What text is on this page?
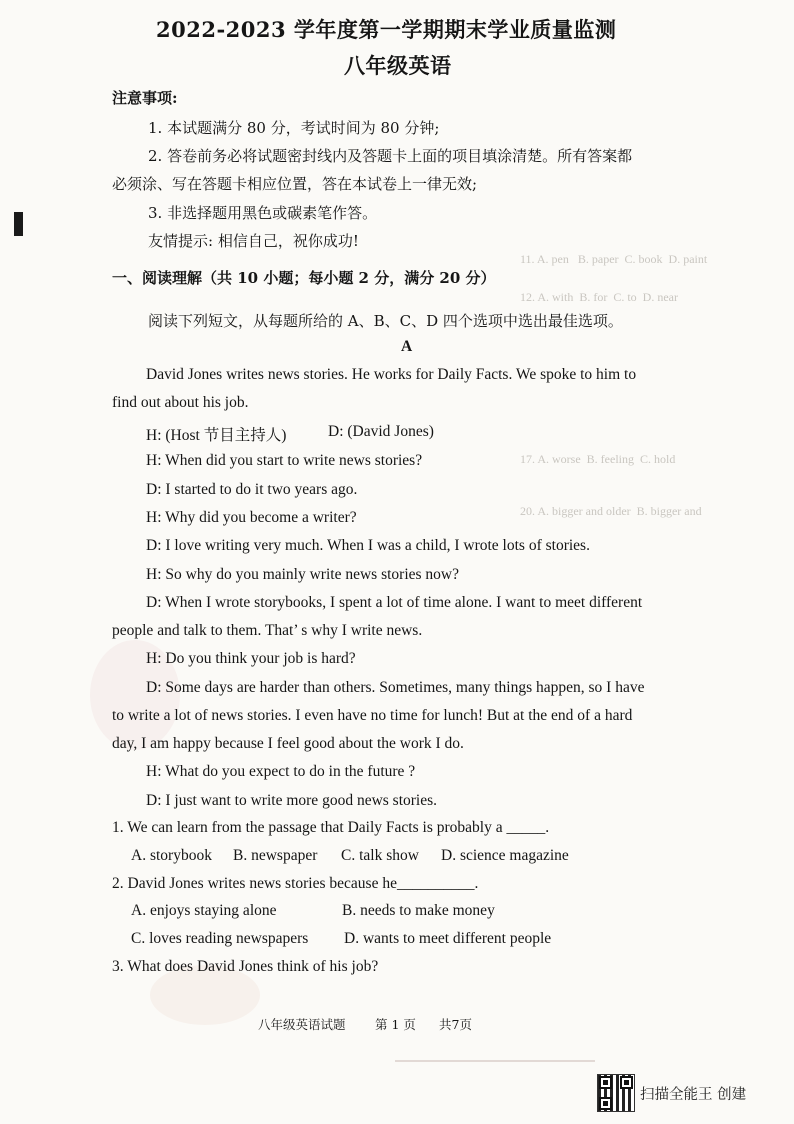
11. A. pen   B. paper  C. book  D. paint
12. A. with  B. for  C. to  D. near
17. A. worse  B. feeling  C. hold
20. A. bigger and older  B. bigger and
2022-2023 学年度第一学期期末学业质量监测
八年级英语
注意事项:
1. 本试题满分 80 分，考试时间为 80 分钟;
2. 答卷前务必将试题密封线内及答题卡上面的项目填涂清楚。所有答案都
必须涂、写在答题卡相应位置，答在本试卷上一律无效;
3. 非选择题用黑色或碳素笔作答。
友情提示: 相信自己，祝你成功!
一、阅读理解（共 10 小题；每小题 2 分，满分 20 分）
阅读下列短文，从每题所给的 A、B、C、D 四个选项中选出最佳选项。
A
David Jones writes news stories. He works for Daily Facts. We spoke to him to
find out about his job.
H: (Host 节目主持人)	D: (David Jones)
H: When did you start to write news stories?
D: I started to do it two years ago.
H: Why did you become a writer?
D: I love writing very much. When I was a child, I wrote lots of stories.
H: So why do you mainly write news stories now?
D: When I wrote storybooks, I spent a lot of time alone. I want to meet different
people and talk to them. That’ s why I write news.
H: Do you think your job is hard?
D: Some days are harder than others. Sometimes, many things happen, so I have
to write a lot of news stories. I even have no time for lunch! But at the end of a hard
day, I am happy because I feel good about the work I do.
H: What do you expect to do in the future ?
D: I just want to write more good news stories.
1. We can learn from the passage that Daily Facts is probably a _____.
A. storybook B. newspaper C. talk show D. science magazine
2. David Jones writes news stories because he__________.
A. enjoys staying alone	B. needs to make money
C. loves reading newspapers D. wants to meet different people
3. What does David Jones think of his job?
八年级英语试题 第 1 页 共7页
扫描全能王 创建
